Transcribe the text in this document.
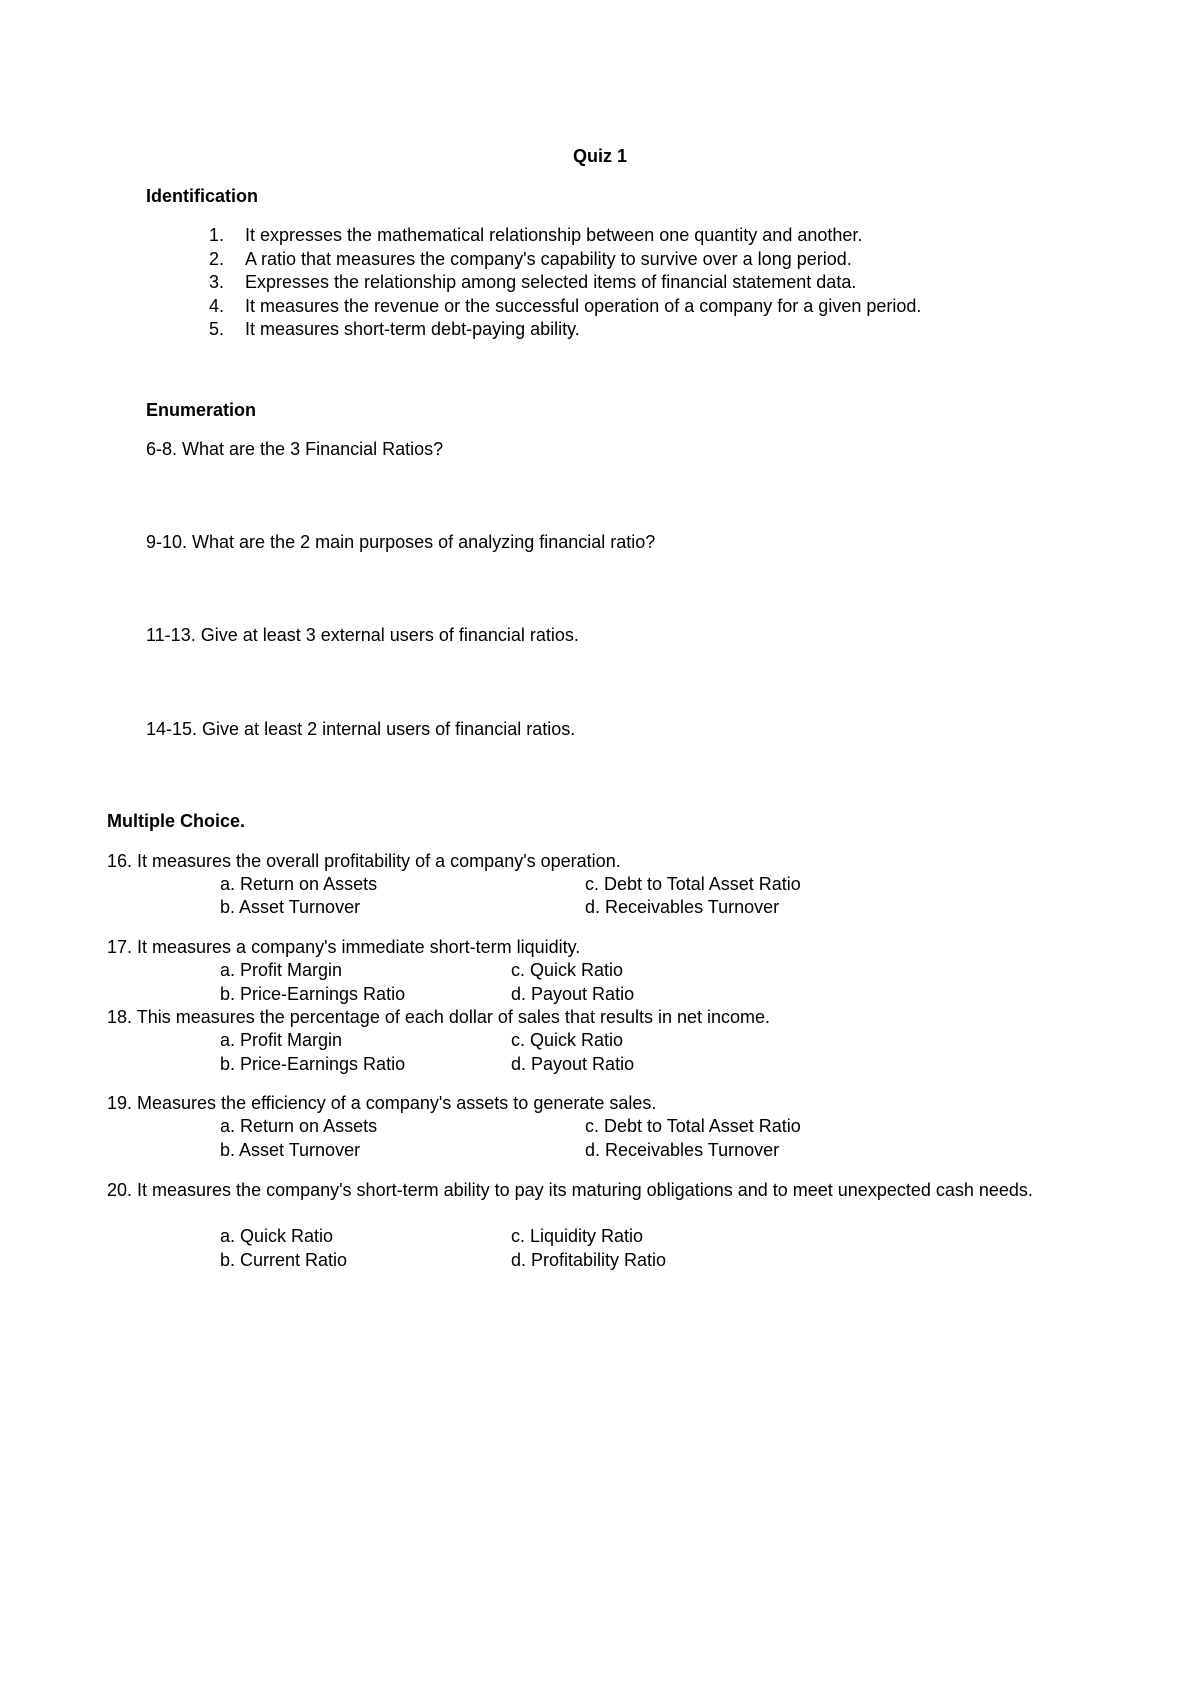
Quiz 1
Identification
1. It expresses the mathematical relationship between one quantity and another.
2. A ratio that measures the company's capability to survive over a long period.
3. Expresses the relationship among selected items of financial statement data.
4. It measures the revenue or the successful operation of a company for a given period.
5. It measures short-term debt-paying ability.
Enumeration
6-8. What are the 3 Financial Ratios?
9-10. What are the 2 main purposes of analyzing financial ratio?
11-13. Give at least 3 external users of financial ratios.
14-15. Give at least 2 internal users of financial ratios.
Multiple Choice.
16. It measures the overall profitability of a company's operation.
a. Return on Assets
b. Asset Turnover
c. Debt to Total Asset Ratio
d. Receivables Turnover
17. It measures a company's immediate short-term liquidity.
a. Profit Margin
b. Price-Earnings Ratio
c. Quick Ratio
d. Payout Ratio
18. This measures the percentage of each dollar of sales that results in net income.
a. Profit Margin
b. Price-Earnings Ratio
c. Quick Ratio
d. Payout Ratio
19. Measures the efficiency of a company's assets to generate sales.
a. Return on Assets
b. Asset Turnover
c. Debt to Total Asset Ratio
d. Receivables Turnover
20. It measures the company's short-term ability to pay its maturing obligations and to meet unexpected cash needs.
a. Quick Ratio
b. Current Ratio
c. Liquidity Ratio
d. Profitability Ratio
